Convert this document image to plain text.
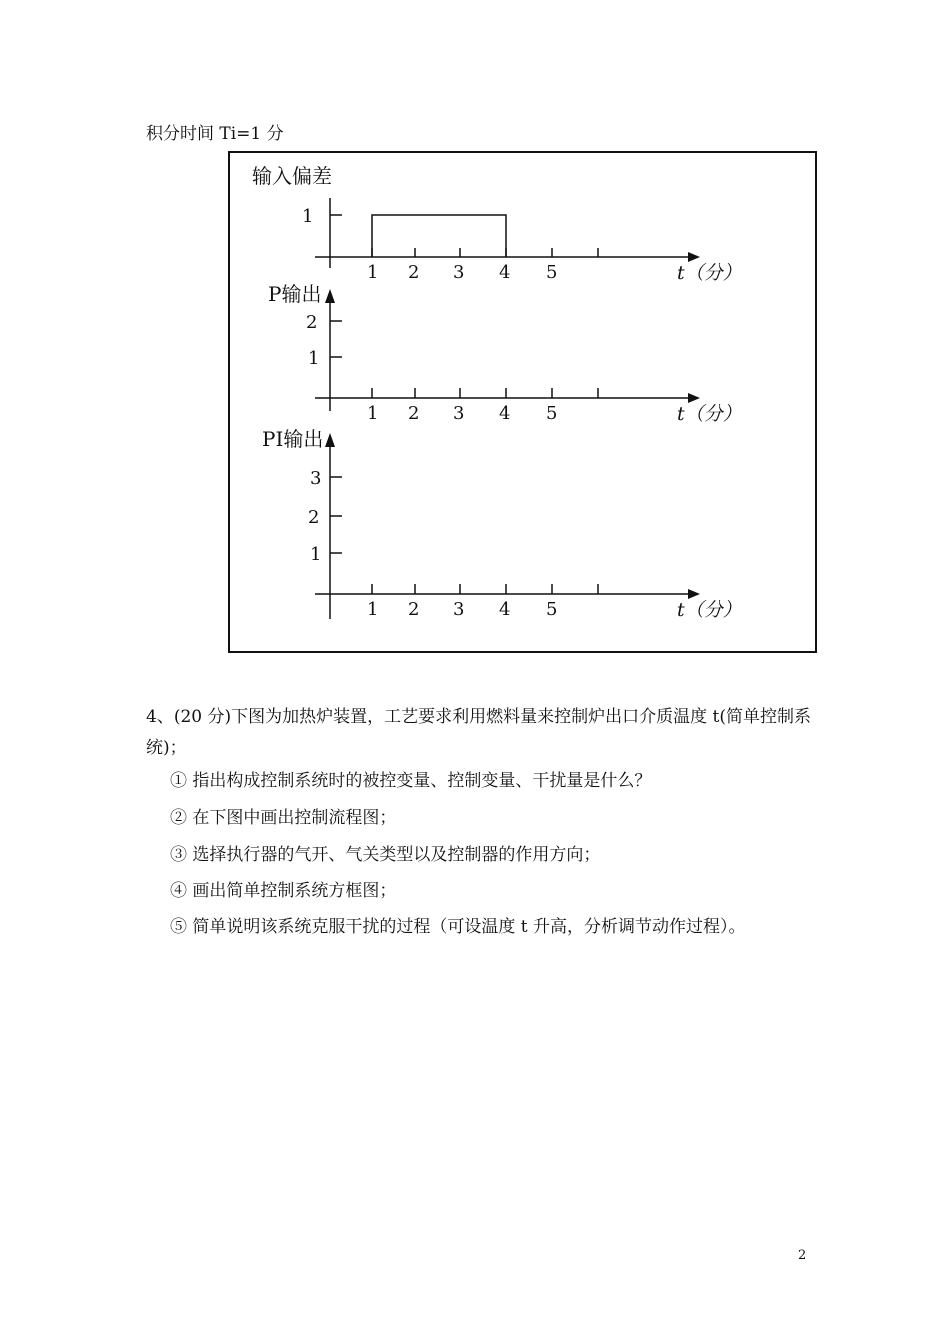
积分时间 Ti=1 分
输入偏差
1
1 2 3 4 5	t（分）
P输出
2
1
1 2 3 4 5	t（分）
PI输出
3
2
1
1 2 3 4 5	t（分）
4、(20 分)下图为加热炉装置，工艺要求利用燃料量来控制炉出口介质温度 t(简单控制系统)；
① 指出构成控制系统时的被控变量、控制变量、干扰量是什么？
② 在下图中画出控制流程图；
③ 选择执行器的气开、气关类型以及控制器的作用方向；
④ 画出简单控制系统方框图；
⑤ 简单说明该系统克服干扰的过程（可设温度 t 升高，分析调节动作过程）。
2
